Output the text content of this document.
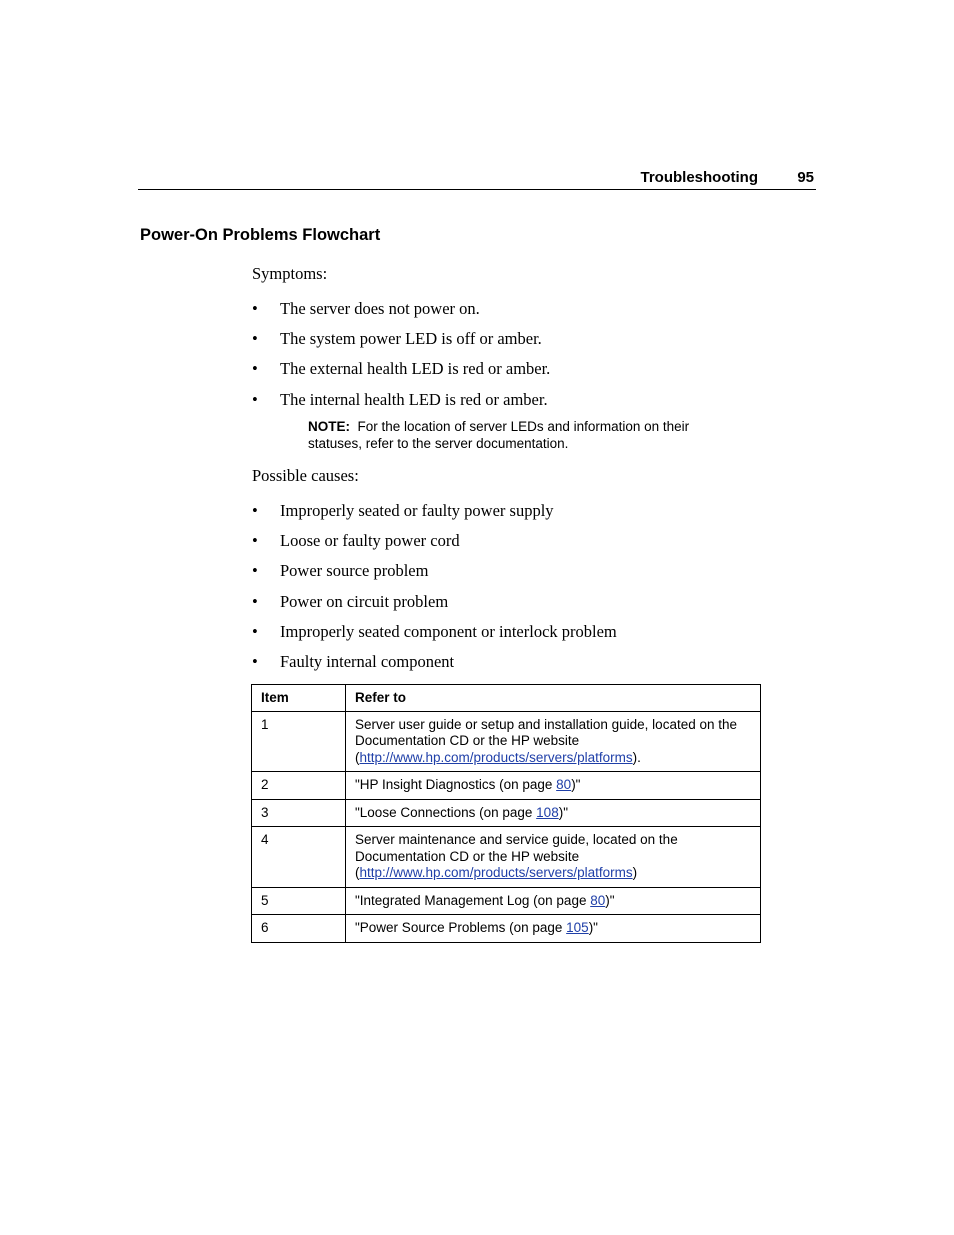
Troubleshooting	95
Power-On Problems Flowchart
Symptoms:
• The server does not power on.
• The system power LED is off or amber.
• The external health LED is red or amber.
• The internal health LED is red or amber.
NOTE: For the location of server LEDs and information on their statuses, refer to the server documentation.
Possible causes:
• Improperly seated or faulty power supply
• Loose or faulty power cord
• Power source problem
• Power on circuit problem
• Improperly seated component or interlock problem
• Faulty internal component
Item	Refer to
1	Server user guide or setup and installation guide, located on the Documentation CD or the HP website (http://www.hp.com/products/servers/platforms).
2	"HP Insight Diagnostics (on page 80)"
3	"Loose Connections (on page 108)"
4	Server maintenance and service guide, located on the Documentation CD or the HP website (http://www.hp.com/products/servers/platforms)
5	"Integrated Management Log (on page 80)"
6	"Power Source Problems (on page 105)"
